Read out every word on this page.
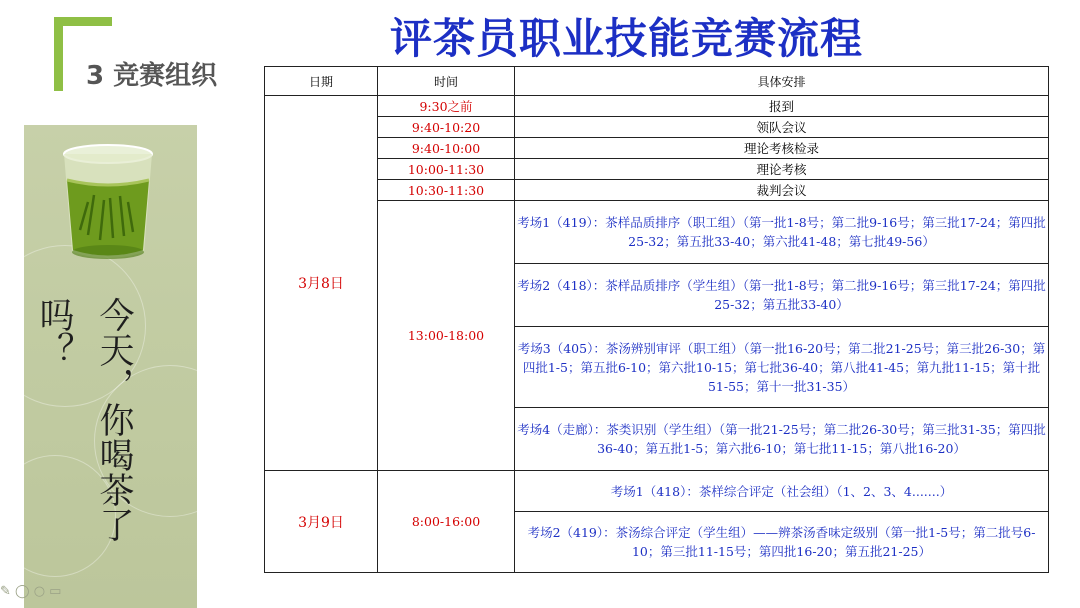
3 竞赛组织
评茶员职业技能竞赛流程
今天，你喝茶了吗？
✎ ◯ ○ ▭
日期	时间	具体安排
3月8日	9:30之前	报到
	9:40-10:20	领队会议
	9:40-10:00	理论考核检录
	10:00-11:30	理论考核
	10:30-11:30	裁判会议
	13:00-18:00	考场1（419）：茶样品质排序（职工组）（第一批1-8号；第二批9-16号；第三批17-24；第四批25-32；第五批33-40；第六批41-48；第七批49-56）
		考场2（418）：茶样品质排序（学生组）（第一批1-8号；第二批9-16号；第三批17-24；第四批25-32；第五批33-40）
		考场3（405）：茶汤辨别审评（职工组）（第一批16-20号；第二批21-25号；第三批26-30；第四批1-5；第五批6-10；第六批10-15；第七批36-40；第八批41-45；第九批11-15；第十批51-55；第十一批31-35）
		考场4（走廊）：茶类识别（学生组）（第一批21-25号；第二批26-30号；第三批31-35；第四批36-40；第五批1-5；第六批6-10；第七批11-15；第八批16-20）
3月9日	8:00-16:00	考场1（418）：茶样综合评定（社会组）（1、2、3、4.......）
		考场2（419）：茶汤综合评定（学生组）——辨茶汤香味定级别（第一批1-5号；第二批号6-10；第三批11-15号；第四批16-20；第五批21-25）
